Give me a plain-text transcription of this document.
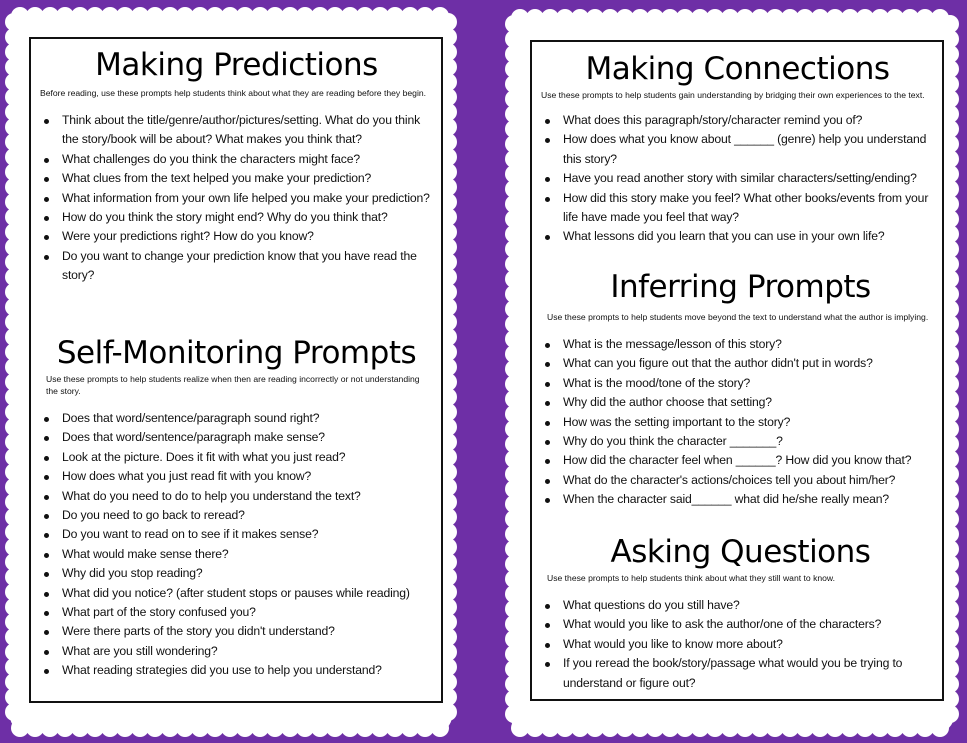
Making Predictions

Before reading, use these prompts help students think about what they are reading before they begin.

Think about the title/genre/author/pictures/setting. What do you think the story/book will be about? What makes you think that?
What challenges do you think the characters might face?
What clues from the text helped you make your prediction?
What information from your own life helped you make your prediction?
How do you think the story might end? Why do you think that?
Were your predictions right? How do you know?
Do you want to change your prediction know that you have read the story?
Self-Monitoring Prompts

Use these prompts to help students realize when then are reading incorrectly or not understanding the story.

Does that word/sentence/paragraph sound right?
Does that word/sentence/paragraph make sense?
Look at the picture. Does it fit with what you just read?
How does what you just read fit with you know?
What do you need to do to help you understand the text?
Do you need to go back to reread?
Do you want to read on to see if it makes sense?
What would make sense there?
Why did you stop reading?
What did you notice? (after student stops or pauses while reading)
What part of the story confused you?
Were there parts of the story you didn't understand?
What are you still wondering?
What reading strategies did you use to help you understand?
Making Connections

Use these prompts to help students gain understanding by bridging their own experiences to the text.

What does this paragraph/story/character remind you of?
How does what you know about ______ (genre) help you understand this story?
Have you read another story with similar characters/setting/ending?
How did this story make you feel? What other books/events from your life have made you feel that way?
What lessons did you learn that you can use in your own life?
Inferring Prompts

Use these prompts to help students move beyond the text to understand what the author is implying.

What is the message/lesson of this story?
What can you figure out that the author didn't put in words?
What is the mood/tone of the story?
Why did the author choose that setting?
How was the setting important to the story?
Why do you think the character _______?
How did the character feel when ______? How did you know that?
What do the character's actions/choices tell you about him/her?
When the character said______ what did he/she really mean?
Asking Questions

Use these prompts to help students think about what they still want to know.

What questions do you still have?
What would you like to ask the author/one of the characters?
What would you like to know more about?
If you reread the book/story/passage what would you be trying to understand or figure out?
